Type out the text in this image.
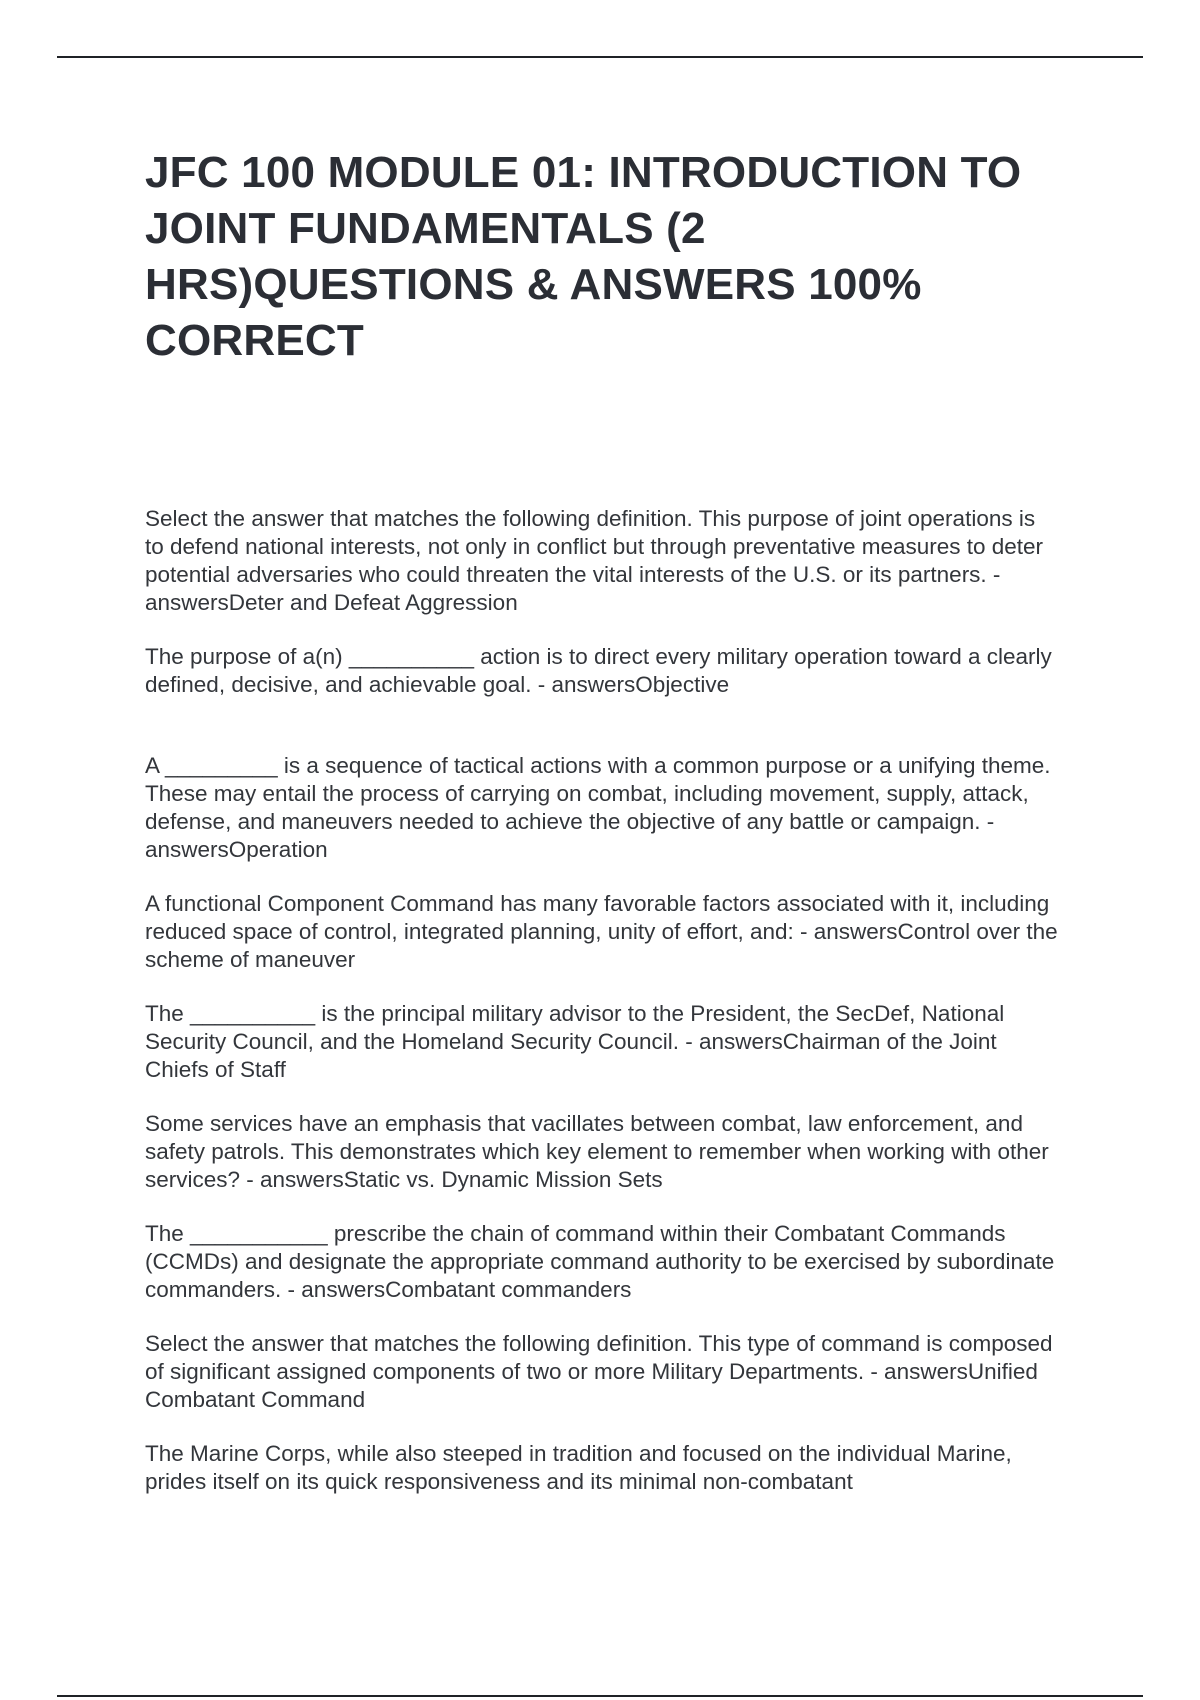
JFC 100 MODULE 01: INTRODUCTION TO JOINT FUNDAMENTALS (2 HRS)QUESTIONS & ANSWERS 100% CORRECT

Select the answer that matches the following definition. This purpose of joint operations is to defend national interests, not only in conflict but through preventative measures to deter potential adversaries who could threaten the vital interests of the U.S. or its partners. - answersDeter and Defeat Aggression

The purpose of a(n) __________ action is to direct every military operation toward a clearly defined, decisive, and achievable goal. - answersObjective

A _________ is a sequence of tactical actions with a common purpose or a unifying theme. These may entail the process of carrying on combat, including movement, supply, attack, defense, and maneuvers needed to achieve the objective of any battle or campaign. - answersOperation

A functional Component Command has many favorable factors associated with it, including reduced space of control, integrated planning, unity of effort, and: - answersControl over the scheme of maneuver

The __________ is the principal military advisor to the President, the SecDef, National Security Council, and the Homeland Security Council. - answersChairman of the Joint Chiefs of Staff

Some services have an emphasis that vacillates between combat, law enforcement, and safety patrols. This demonstrates which key element to remember when working with other services? - answersStatic vs. Dynamic Mission Sets

The ___________ prescribe the chain of command within their Combatant Commands (CCMDs) and designate the appropriate command authority to be exercised by subordinate commanders. - answersCombatant commanders

Select the answer that matches the following definition. This type of command is composed of significant assigned components of two or more Military Departments. - answersUnified Combatant Command

The Marine Corps, while also steeped in tradition and focused on the individual Marine, prides itself on its quick responsiveness and its minimal non-combatant
